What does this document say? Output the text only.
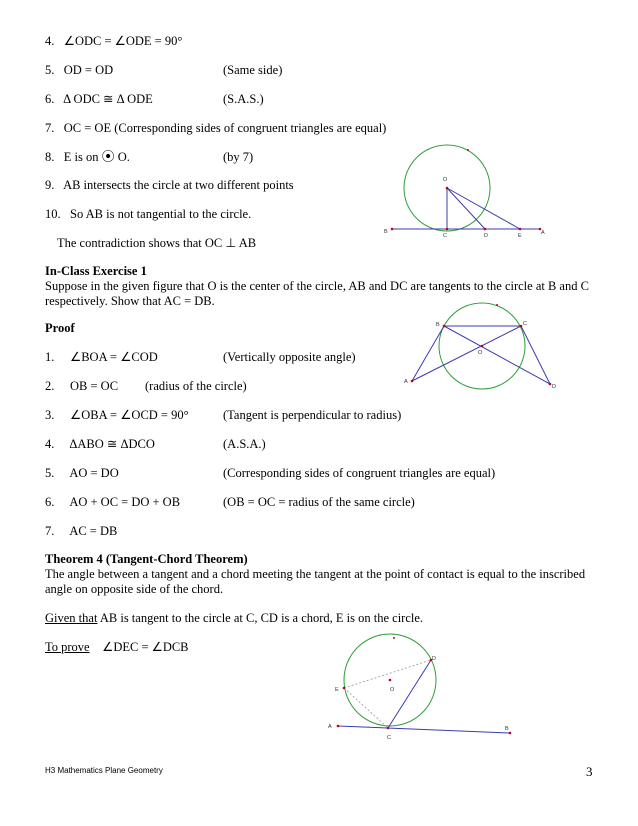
4. ∠ODC = ∠ODE = 90°
5. OD = OD	(Same side)
6. Δ ODC ≅ Δ ODE	(S.A.S.)
7. OC = OE (Corresponding sides of congruent triangles are equal)
8. E is on ⦿ O.	(by 7)
9. AB intersects the circle at two different points
10. So AB is not tangential to the circle.
The contradiction shows that OC ⊥ AB
O
B
C	D	E	A
In-Class Exercise 1
Suppose in the given figure that O is the center of the circle, AB and DC are tangents to the circle at B and C respectively. Show that AC = DB.
Proof
1. ∠BOA = ∠COD	(Vertically opposite angle)
2. OB = OC (radius of the circle)
3. ∠OBA = ∠OCD = 90°	(Tangent is perpendicular to radius)
4. ΔABO ≅ ΔDCO	(A.S.A.)
5. AO = DO	(Corresponding sides of congruent triangles are equal)
6. AO + OC = DO + OB	(OB = OC = radius of the same circle)
7. AC = DB
B	C
O
A
D
Theorem 4 (Tangent-Chord Theorem)
The angle between a tangent and a chord meeting the tangent at the point of contact is equal to the inscribed angle on opposite side of the chord.
Given that AB is tangent to the circle at C, CD is a chord, E is on the circle.
To prove ∠DEC = ∠DCB
D
E	O
A	B
C
H3 Mathematics Plane Geometry	3
